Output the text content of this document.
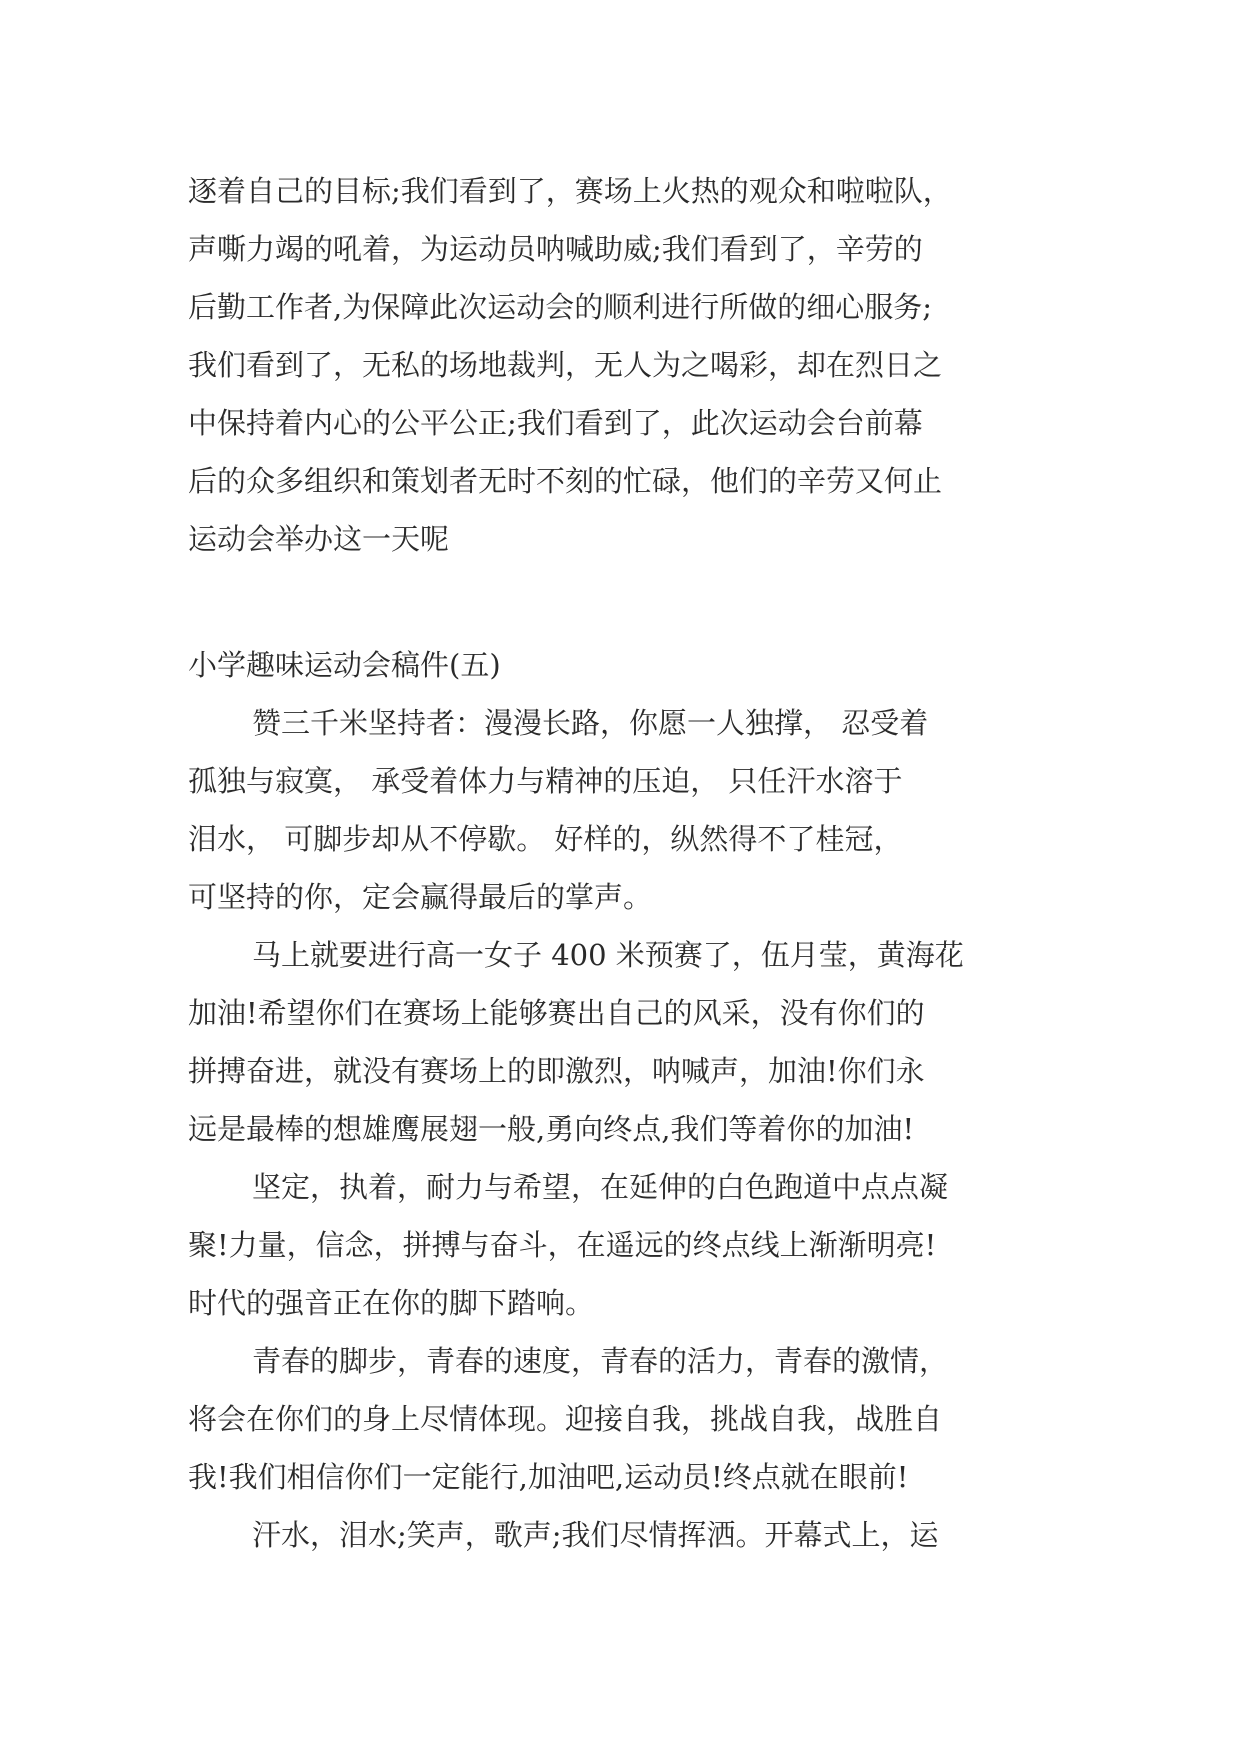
逐着自己的目标;我们看到了，赛场上火热的观众和啦啦队，
声嘶力竭的吼着，为运动员呐喊助威;我们看到了，辛劳的
后勤工作者,为保障此次运动会的顺利进行所做的细心服务;
我们看到了，无私的场地裁判，无人为之喝彩，却在烈日之
中保持着内心的公平公正;我们看到了，此次运动会台前幕
后的众多组织和策划者无时不刻的忙碌，他们的辛劳又何止
运动会举办这一天呢
小学趣味运动会稿件(五)
赞三千米坚持者：漫漫长路，你愿一人独撑， 忍受着
孤独与寂寞， 承受着体力与精神的压迫， 只任汗水溶于
泪水， 可脚步却从不停歇。 好样的，纵然得不了桂冠，
可坚持的你，定会赢得最后的掌声。
马上就要进行高一女子 400 米预赛了，伍月莹，黄海花
加油!希望你们在赛场上能够赛出自己的风采，没有你们的
拼搏奋进，就没有赛场上的即激烈，呐喊声，加油!你们永
远是最棒的想雄鹰展翅一般,勇向终点,我们等着你的加油!
坚定，执着，耐力与希望，在延伸的白色跑道中点点凝
聚!力量，信念，拼搏与奋斗，在遥远的终点线上渐渐明亮!
时代的强音正在你的脚下踏响。
青春的脚步，青春的速度，青春的活力，青春的激情，
将会在你们的身上尽情体现。迎接自我，挑战自我，战胜自
我!我们相信你们一定能行,加油吧,运动员!终点就在眼前!
汗水，泪水;笑声，歌声;我们尽情挥洒。开幕式上，运
